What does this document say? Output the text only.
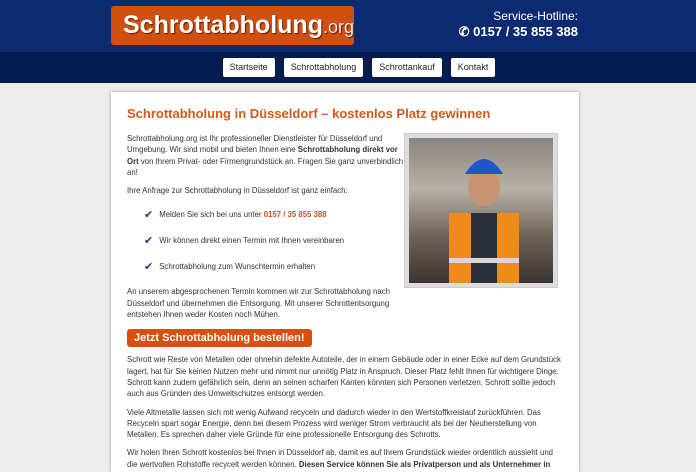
Schrottabholung.org
Service-Hotline:
✆ 0157 / 35 855 388
Startseite	Schrottabholung	Schrottankauf	Kontakt
Schrottabholung in Düsseldorf – kostenlos Platz gewinnen

Schrottabholung.org ist Ihr professioneller Dienstleister für Düsseldorf und Umgebung. Wir sind mobil und bieten Ihnen eine Schrottabholung direkt vor Ort von Ihrem Privat- oder Firmengrundstück an. Fragen Sie ganz unverbindlich an!

Ihre Anfrage zur Schrottabholung in Düsseldorf ist ganz einfach:

✔ Melden Sie sich bei uns unter
0157 / 35 855 388
✔ Wir können direkt einen Termin mit Ihnen vereinbaren
✔ Schrottabholung zum Wunschtermin erhalten

An unserem abgesprochenen Termin kommen wir zur Schrottabholung nach Düsseldorf und übernehmen die Entsorgung. Mit unserer Schrottentsorgung entstehen Ihnen weder Kosten noch Mühen.

Jetzt Schrottabholung bestellen!

Schrott wie Reste von Metallen oder ohnehin defekte Autoteile, der in einem Gebäude oder in einer Ecke auf dem Grundstück lagert, hat für Sie keinen Nutzen mehr und nimmt nur unnötig Platz in Anspruch. Dieser Platz fehlt Ihnen für wichtigere Dinge. Schrott kann zudem gefährlich sein, denn an seinen scharfen Kanten könnten sich Personen verletzen. Schrott sollte jedoch auch aus Gründen des Umweltschutzes entsorgt werden.

Viele Altmetalle lassen sich mit wenig Aufwand recyceln und dadurch wieder in den Wertstoffkreislauf zurückführen. Das Recyceln spart sogar Energie, denn bei diesem Prozess wird weniger Strom verbraucht als bei der Neuherstellung von Metallen. Es sprechen daher viele Gründe für eine professionelle Entsorgung des Schrotts.

Wir holen Ihren Schrott kostenlos bei Ihnen in Düsseldorf ab, damit es auf Ihrem Grundstück wieder ordentlich aussieht und die wertvollen Rohstoffe recycelt werden können. Diesen Service können Sie als Privatperson und als Unternehmer in
